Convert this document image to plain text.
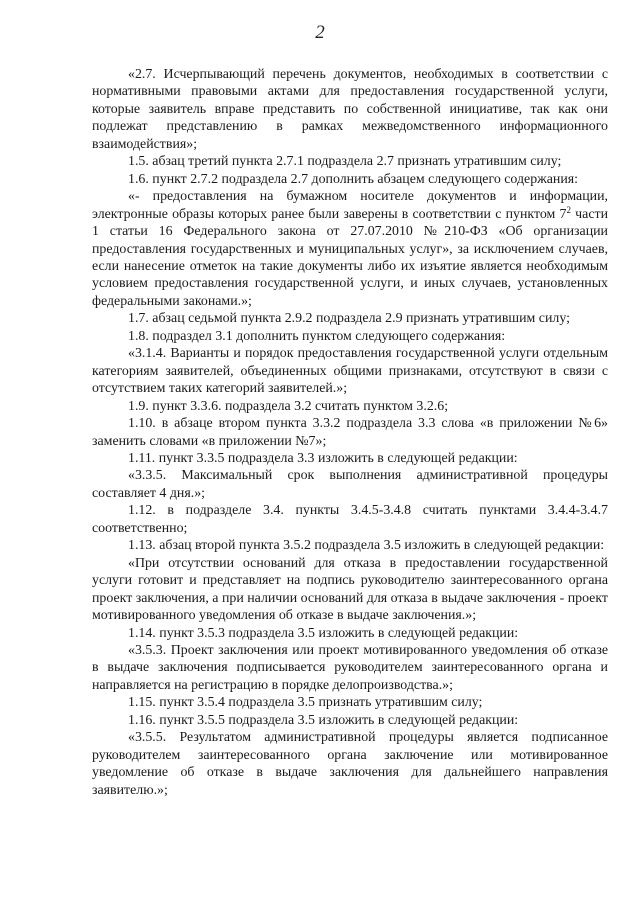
2

«2.7. Исчерпывающий перечень документов, необходимых в соответствии с нормативными правовыми актами для предоставления государственной услуги, которые заявитель вправе представить по собственной инициативе, так как они подлежат представлению в рамках межведомственного информационного взаимодействия»;

1.5. абзац третий пункта 2.7.1 подраздела 2.7 признать утратившим силу;

1.6. пункт 2.7.2 подраздела 2.7 дополнить абзацем следующего содержания:

«- предоставления на бумажном носителе документов и информации, электронные образы которых ранее были заверены в соответствии с пунктом $7^2$ части 1 статьи 16 Федерального закона от 27.07.2010 №210-ФЗ «Об организации предоставления государственных и муниципальных услуг», за исключением случаев, если нанесение отметок на такие документы либо их изъятие является необходимым условием предоставления государственной услуги, и иных случаев, установленных федеральными законами.»;

1.7. абзац седьмой пункта 2.9.2 подраздела 2.9 признать утратившим силу;

1.8. подраздел 3.1 дополнить пунктом следующего содержания:

«3.1.4. Варианты и порядок предоставления государственной услуги отдельным категориям заявителей, объединенных общими признаками, отсутствуют в связи с отсутствием таких категорий заявителей.»;

1.9. пункт 3.3.6. подраздела 3.2 считать пунктом 3.2.6;

1.10. в абзаце втором пункта 3.3.2 подраздела 3.3 слова «в приложении №6» заменить словами «в приложении №7»;

1.11. пункт 3.3.5 подраздела 3.3 изложить в следующей редакции:

«3.3.5. Максимальный срок выполнения административной процедуры составляет 4 дня.»;

1.12. в подразделе 3.4. пункты 3.4.5-3.4.8 считать пунктами 3.4.4-3.4.7 соответственно;

1.13. абзац второй пункта 3.5.2 подраздела 3.5 изложить в следующей редакции:

«При отсутствии оснований для отказа в предоставлении государственной услуги готовит и представляет на подпись руководителю заинтересованного органа проект заключения, а при наличии оснований для отказа в выдаче заключения - проект мотивированного уведомления об отказе в выдаче заключения.»;

1.14. пункт 3.5.3 подраздела 3.5 изложить в следующей редакции:

«3.5.3. Проект заключения или проект мотивированного уведомления об отказе в выдаче заключения подписывается руководителем заинтересованного органа и направляется на регистрацию в порядке делопроизводства.»;

1.15. пункт 3.5.4 подраздела 3.5 признать утратившим силу;

1.16. пункт 3.5.5 подраздела 3.5 изложить в следующей редакции:

«3.5.5. Результатом административной процедуры является подписанное руководителем заинтересованного органа заключение или мотивированное уведомление об отказе в выдаче заключения для дальнейшего направления заявителю.»;
